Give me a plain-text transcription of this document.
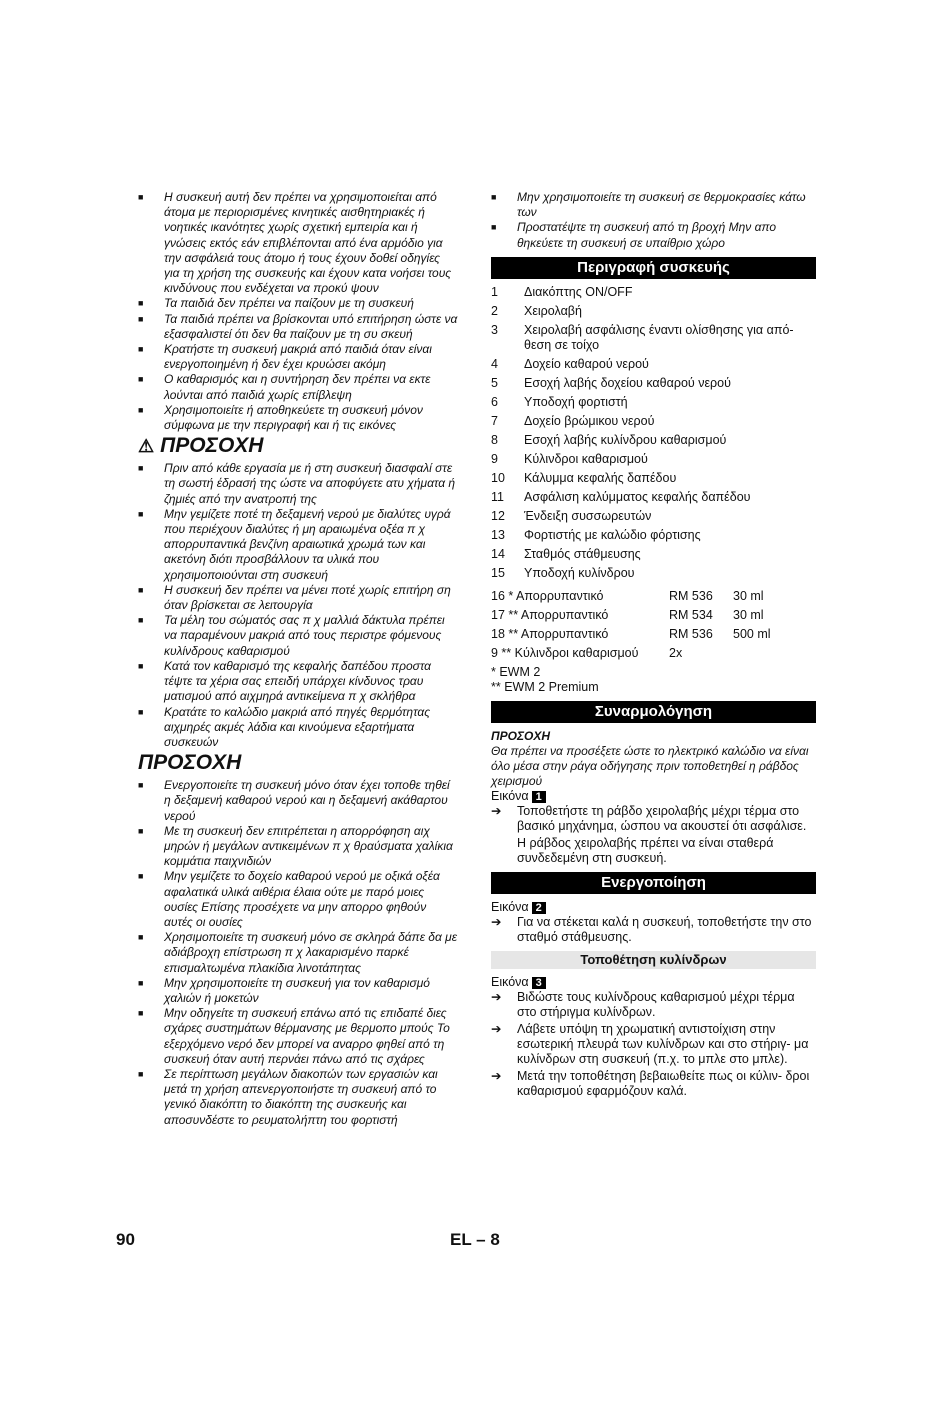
■ Η συσκευή αυτή δεν πρέπει να χρησιμοποιείται από άτομα με περιορισμένες κινητικές αισθητηριακές ή νοητικές ικανότητες χωρίς σχετική εμπειρία και ή γνώσεις εκτός εάν επιβλέπονται από ένα αρμόδιο για την ασφάλειά τους άτομο ή τους έχουν δοθεί οδηγίες για τη χρήση της συσκευής και έχουν κατα νοήσει τους κινδύνους που ενδέχεται να προκύ ψουν
■ Τα παιδιά δεν πρέπει να παίζουν με τη συσκευή
■ Τα παιδιά πρέπει να βρίσκονται υπό επιτήρηση ώστε να εξασφαλιστεί ότι δεν θα παίζουν με τη συ σκευή
■ Κρατήστε τη συσκευή μακριά από παιδιά όταν είναι ενεργοποιημένη ή δεν έχει κρυώσει ακόμη
■ Ο καθαρισμός και η συντήρηση δεν πρέπει να εκτε λούνται από παιδιά χωρίς επίβλεψη
■ Χρησιμοποιείτε ή αποθηκεύετε τη συσκευή μόνον σύμφωνα με την περιγραφή και ή τις εικόνες
⚠ ΠΡΟΣΟΧΗ
■ Πριν από κάθε εργασία με ή στη συσκευή διασφαλί στε τη σωστή έδρασή της ώστε να αποφύγετε ατυ χήματα ή ζημιές από την ανατροπή της
■ Μην γεμίζετε ποτέ τη δεξαμενή νερού με διαλύτες υγρά που περιέχουν διαλύτες ή μη αραιωμένα οξέα π χ απορρυπαντικά βενζίνη αραιωτικά χρωμά των και ακετόνη διότι προσβάλλουν τα υλικά που χρησιμοποιούνται στη συσκευή
■ Η συσκευή δεν πρέπει να μένει ποτέ χωρίς επιτήρη ση όταν βρίσκεται σε λειτουργία
■ Τα μέλη του σώματός σας π χ μαλλιά δάκτυλα πρέπει να παραμένουν μακριά από τους περιστρε φόμενους κυλίνδρους καθαρισμού
■ Κατά τον καθαρισμό της κεφαλής δαπέδου προστα τέψτε τα χέρια σας επειδή υπάρχει κίνδυνος τραυ ματισμού από αιχμηρά αντικείμενα π χ σκλήθρα
■ Κρατάτε το καλώδιο μακριά από πηγές θερμότητας αιχμηρές ακμές λάδια και κινούμενα εξαρτήματα συσκευών
ΠΡΟΣΟΧΗ
■ Ενεργοποιείτε τη συσκευή μόνο όταν έχει τοποθε τηθεί η δεξαμενή καθαρού νερού και η δεξαμενή ακάθαρτου νερού
■ Με τη συσκευή δεν επιτρέπεται η απορρόφηση αιχ μηρών ή μεγάλων αντικειμένων π χ θραύσματα χαλίκια κομμάτια παιχνιδιών
■ Μην γεμίζετε το δοχείο καθαρού νερού με οξικά οξέα αφαλατικά υλικά αιθέρια έλαια ούτε με παρό μοιες ουσίες Επίσης προσέχετε να μην απορρο φηθούν αυτές οι ουσίες
■ Χρησιμοποιείτε τη συσκευή μόνο σε σκληρά δάπε δα με αδιάβροχη επίστρωση π χ λακαρισμένο παρκέ επισμαλτωμένα πλακίδια λινοτάπητας
■ Μην χρησιμοποιείτε τη συσκευή για τον καθαρισμό χαλιών ή μοκετών
■ Μην οδηγείτε τη συσκευή επάνω από τις επιδαπέ διες σχάρες συστημάτων θέρμανσης με θερμοπο μπούς Το εξερχόμενο νερό δεν μπορεί να αναρρο φηθεί από τη συσκευή όταν αυτή περνάει πάνω από τις σχάρες
■ Σε περίπτωση μεγάλων διακοπών των εργασιών και μετά τη χρήση απενεργοποιήστε τη συσκευή από το γενικό διακόπτη το διακόπτη της συσκευής και αποσυνδέστε το ρευματολήπτη του φορτιστή
■ Μην χρησιμοποιείτε τη συσκευή σε θερμοκρασίες κάτω των
■ Προστατέψτε τη συσκευή από τη βροχή Μην απο θηκεύετε τη συσκευή σε υπαίθριο χώρο
Περιγραφή συσκευής
1	Διακόπτης ON/OFF
2	Χειρολαβή
3	Χειρολαβή ασφάλισης έναντι ολίσθησης για από- θεση σε τοίχο
4	Δοχείο καθαρού νερού
5	Εσοχή λαβής δοχείου καθαρού νερού
6	Υποδοχή φορτιστή
7	Δοχείο βρώμικου νερού
8	Εσοχή λαβής κυλίνδρου καθαρισμού
9	Κύλινδροι καθαρισμού
10	Κάλυμμα κεφαλής δαπέδου
11	Ασφάλιση καλύμματος κεφαλής δαπέδου
12	Ένδειξη συσσωρευτών
13	Φορτιστής με καλώδιο φόρτισης
14	Σταθμός στάθμευσης
15	Υποδοχή κυλίνδρου
16 * Απορρυπαντικό	RM 536	30 ml
17 ** Απορρυπαντικό	RM 534	30 ml
18 ** Απορρυπαντικό	RM 536	500 ml
9 ** Κύλινδροι καθαρισμού	2x
* EWM 2
** EWM 2 Premium
Συναρμολόγηση
ΠΡΟΣΟΧΗ
Θα πρέπει να προσέξετε ώστε το ηλεκτρικό καλώδιο να είναι όλο μέσα στην ράγα οδήγησης πριν τοποθετηθεί η ράβδος χειρισμού
Εικόνα 1
➔	Τοποθετήστε τη ράβδο χειρολαβής μέχρι τέρμα στο βασικό μηχάνημα, ώσπου να ακουστεί ότι ασφάλισε.
Η ράβδος χειρολαβής πρέπει να είναι σταθερά συνδεδεμένη στη συσκευή.
Ενεργοποίηση
Εικόνα 2
➔	Για να στέκεται καλά η συσκευή, τοποθετήστε την στο σταθμό στάθμευσης.
Τοποθέτηση κυλίνδρων
Εικόνα 3
➔	Βιδώστε τους κυλίνδρους καθαρισμού μέχρι τέρμα στο στήριγμα κυλίνδρων.
➔	Λάβετε υπόψη τη χρωματική αντιστοίχιση στην εσωτερική πλευρά των κυλίνδρων και στο στήριγ- μα κυλίνδρων στη συσκευή (π.χ. το μπλε στο μπλε).
➔	Μετά την τοποθέτηση βεβαιωθείτε πως οι κύλιν- δροι καθαρισμού εφαρμόζουν καλά.
90	EL – 8
